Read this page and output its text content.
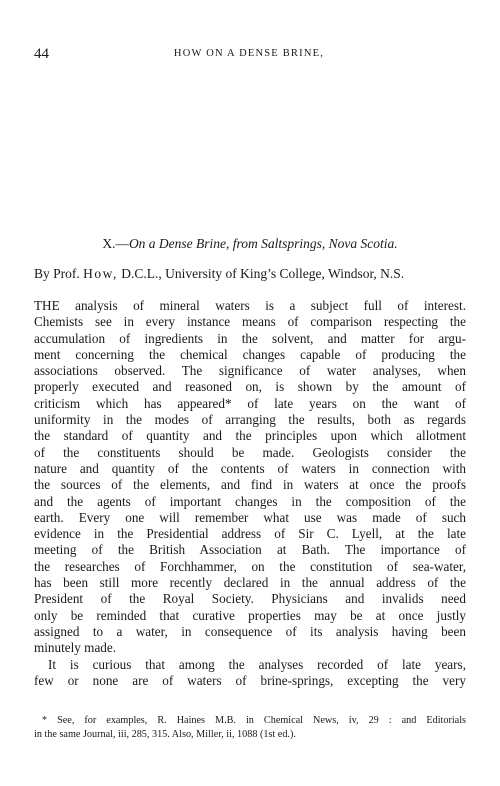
44	HOW ON A DENSE BRINE,
X.—On a Dense Brine, from Saltsprings, Nova Scotia.
By Prof. How, D.C.L., University of King’s College, Windsor, N.S.
THE analysis of mineral waters is a subject full of interest.
Chemists see in every instance means of comparison respecting the
accumulation of ingredients in the solvent, and matter for argu-
ment concerning the chemical changes capable of producing the
associations observed. The significance of water analyses, when
properly executed and reasoned on, is shown by the amount of
criticism which has appeared* of late years on the want of
uniformity in the modes of arranging the results, both as regards
the standard of quantity and the principles upon which allotment
of the constituents should be made. Geologists consider the
nature and quantity of the contents of waters in connection with
the sources of the elements, and find in waters at once the proofs
and the agents of important changes in the composition of the
earth. Every one will remember what use was made of such
evidence in the Presidential address of Sir C. Lyell, at the late
meeting of the British Association at Bath. The importance of
the researches of Forchhammer, on the constitution of sea-water,
has been still more recently declared in the annual address of the
President of the Royal Society. Physicians and invalids need
only be reminded that curative properties may be at once justly
assigned to a water, in consequence of its analysis having been
minutely made.
It is curious that among the analyses recorded of late years,
few or none are of waters of brine-springs, excepting the very
* See, for examples, R. Haines M.B. in Chemical News, iv, 29 : and Editorials
in the same Journal, iii, 285, 315. Also, Miller, ii, 1088 (1st ed.).
